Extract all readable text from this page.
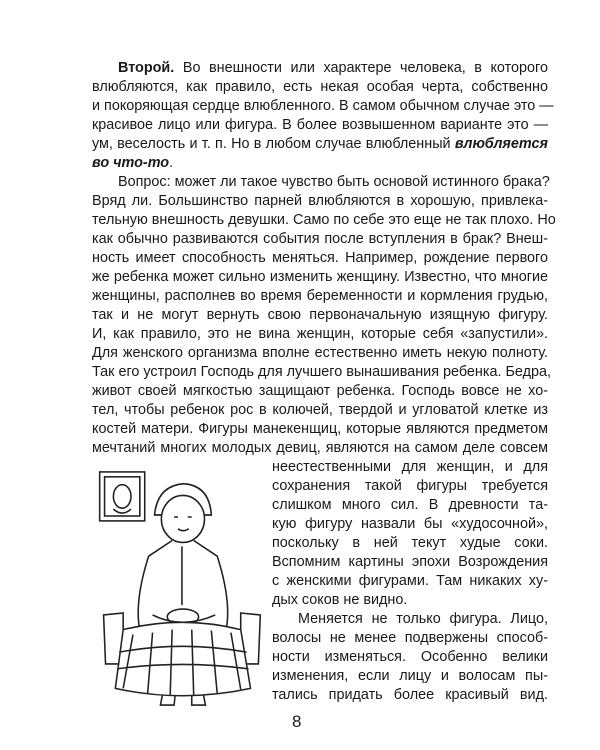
Второй. Во внешности или характере человека, в которого
влюбляются, как правило, есть некая особая черта, собственно
и покоряющая сердце влюбленного. В самом обычном случае это —
красивое лицо или фигура. В более возвышенном варианте это —
ум, веселость и т. п. Но в любом случае влюбленный влюбляется
во что-то.
Вопрос: может ли такое чувство быть основой истинного брака?
Вряд ли. Большинство парней влюбляются в хорошую, привлека-
тельную внешность девушки. Само по себе это еще не так плохо. Но
как обычно развиваются события после вступления в брак? Внеш-
ность имеет способность меняться. Например, рождение первого
же ребенка может сильно изменить женщину. Известно, что многие
женщины, располнев во время беременности и кормления грудью,
так и не могут вернуть свою первоначальную изящную фигуру.
И, как правило, это не вина женщин, которые себя «запустили».
Для женского организма вполне естественно иметь некую полноту.
Так его устроил Господь для лучшего вынашивания ребенка. Бедра,
живот своей мягкостью защищают ребенка. Господь вовсе не хо-
тел, чтобы ребенок рос в колючей, твердой и угловатой клетке из
костей матери. Фигуры манекенщиц, которые являются предметом
мечтаний многих молодых девиц, являются на самом деле совсем
неестественными для женщин, и для
сохранения такой фигуры требуется
слишком много сил. В древности та-
кую фигуру назвали бы «худосочной»,
поскольку в ней текут худые соки.
Вспомним картины эпохи Возрождения
с женскими фигурами. Там никаких ху-
дых соков не видно.
Меняется не только фигура. Лицо,
волосы не менее подвержены способ-
ности изменяться. Особенно велики
изменения, если лицу и волосам пы-
тались придать более красивый вид.
8
